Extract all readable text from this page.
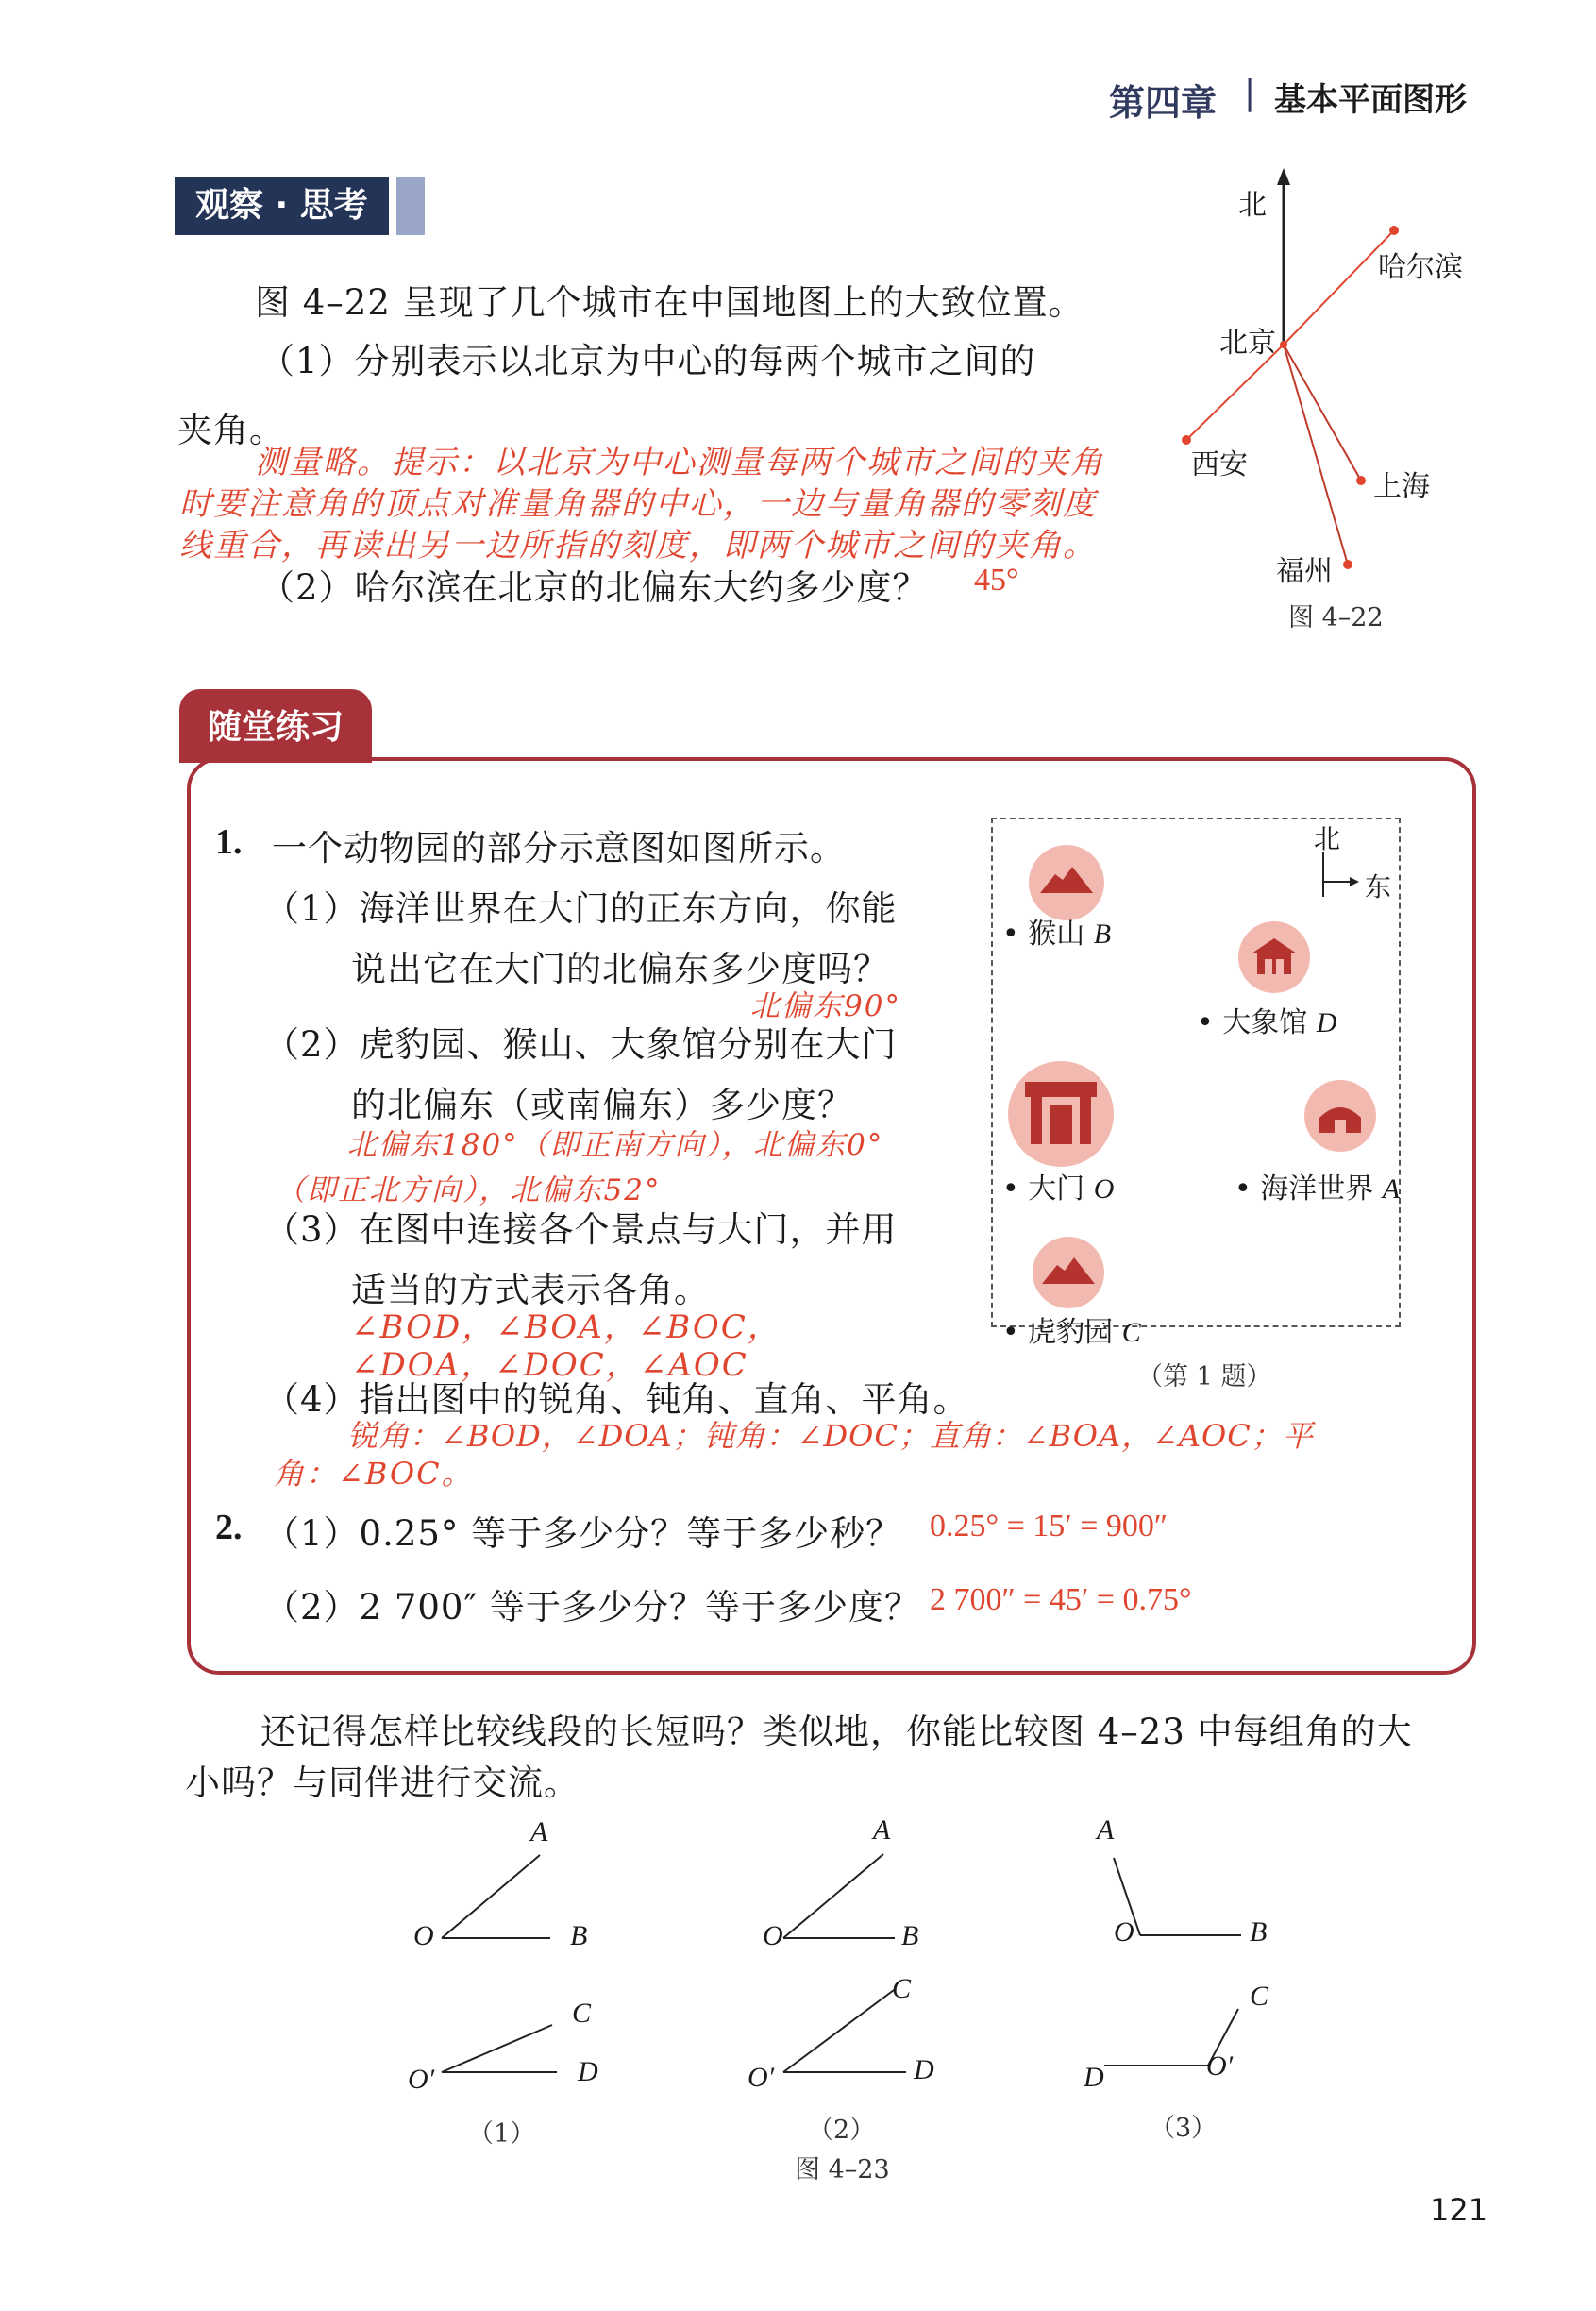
第四章 | 基本平面图形
观察 · 思考
图 4–22 呈现了几个城市在中国地图上的大致位置。
（1）分别表示以北京为中心的每两个城市之间的
夹角。
测量略。提示：以北京为中心测量每两个城市之间的夹角
时要注意角的顶点对准量角器的中心，一边与量角器的零刻度
线重合，再读出另一边所指的刻度，即两个城市之间的夹角。
（2）哈尔滨在北京的北偏东大约多少度？ 45°
北
哈尔滨
北京
西安
上海
福州
图 4–22
随堂练习
1. 一个动物园的部分示意图如图所示。
（1）海洋世界在大门的正东方向，你能
说出它在大门的北偏东多少度吗？
北偏东90°
（2）虎豹园、猴山、大象馆分别在大门
的北偏东（或南偏东）多少度？
北偏东180°（即正南方向），北偏东0°
（即正北方向），北偏东52°
（3）在图中连接各个景点与大门，并用
适当的方式表示各角。
∠BOD，∠BOA，∠BOC，
∠DOA，∠DOC，∠AOC
（4）指出图中的锐角、钝角、直角、平角。
锐角：∠BOD，∠DOA；钝角：∠DOC；直角：∠BOA，∠AOC；平
角：∠BOC。
2. （1）0.25° 等于多少分？等于多少秒？ 0.25° = 15′ = 900″
（2）2 700″ 等于多少分？等于多少度？ 2 700″ = 45′ = 0.75°
北
东
• 猴山 B
• 大象馆 D
• 大门 O	• 海洋世界 A
• 虎豹园 C
（第 1 题）
还记得怎样比较线段的长短吗？类似地，你能比较图 4–23 中每组角的大
小吗？与同伴进行交流。
A
O	B
C
O′	D
A
O	B
C
O′	D
A
O	B
C
D	O′
（1）	（2）	（3）
图 4–23
121
